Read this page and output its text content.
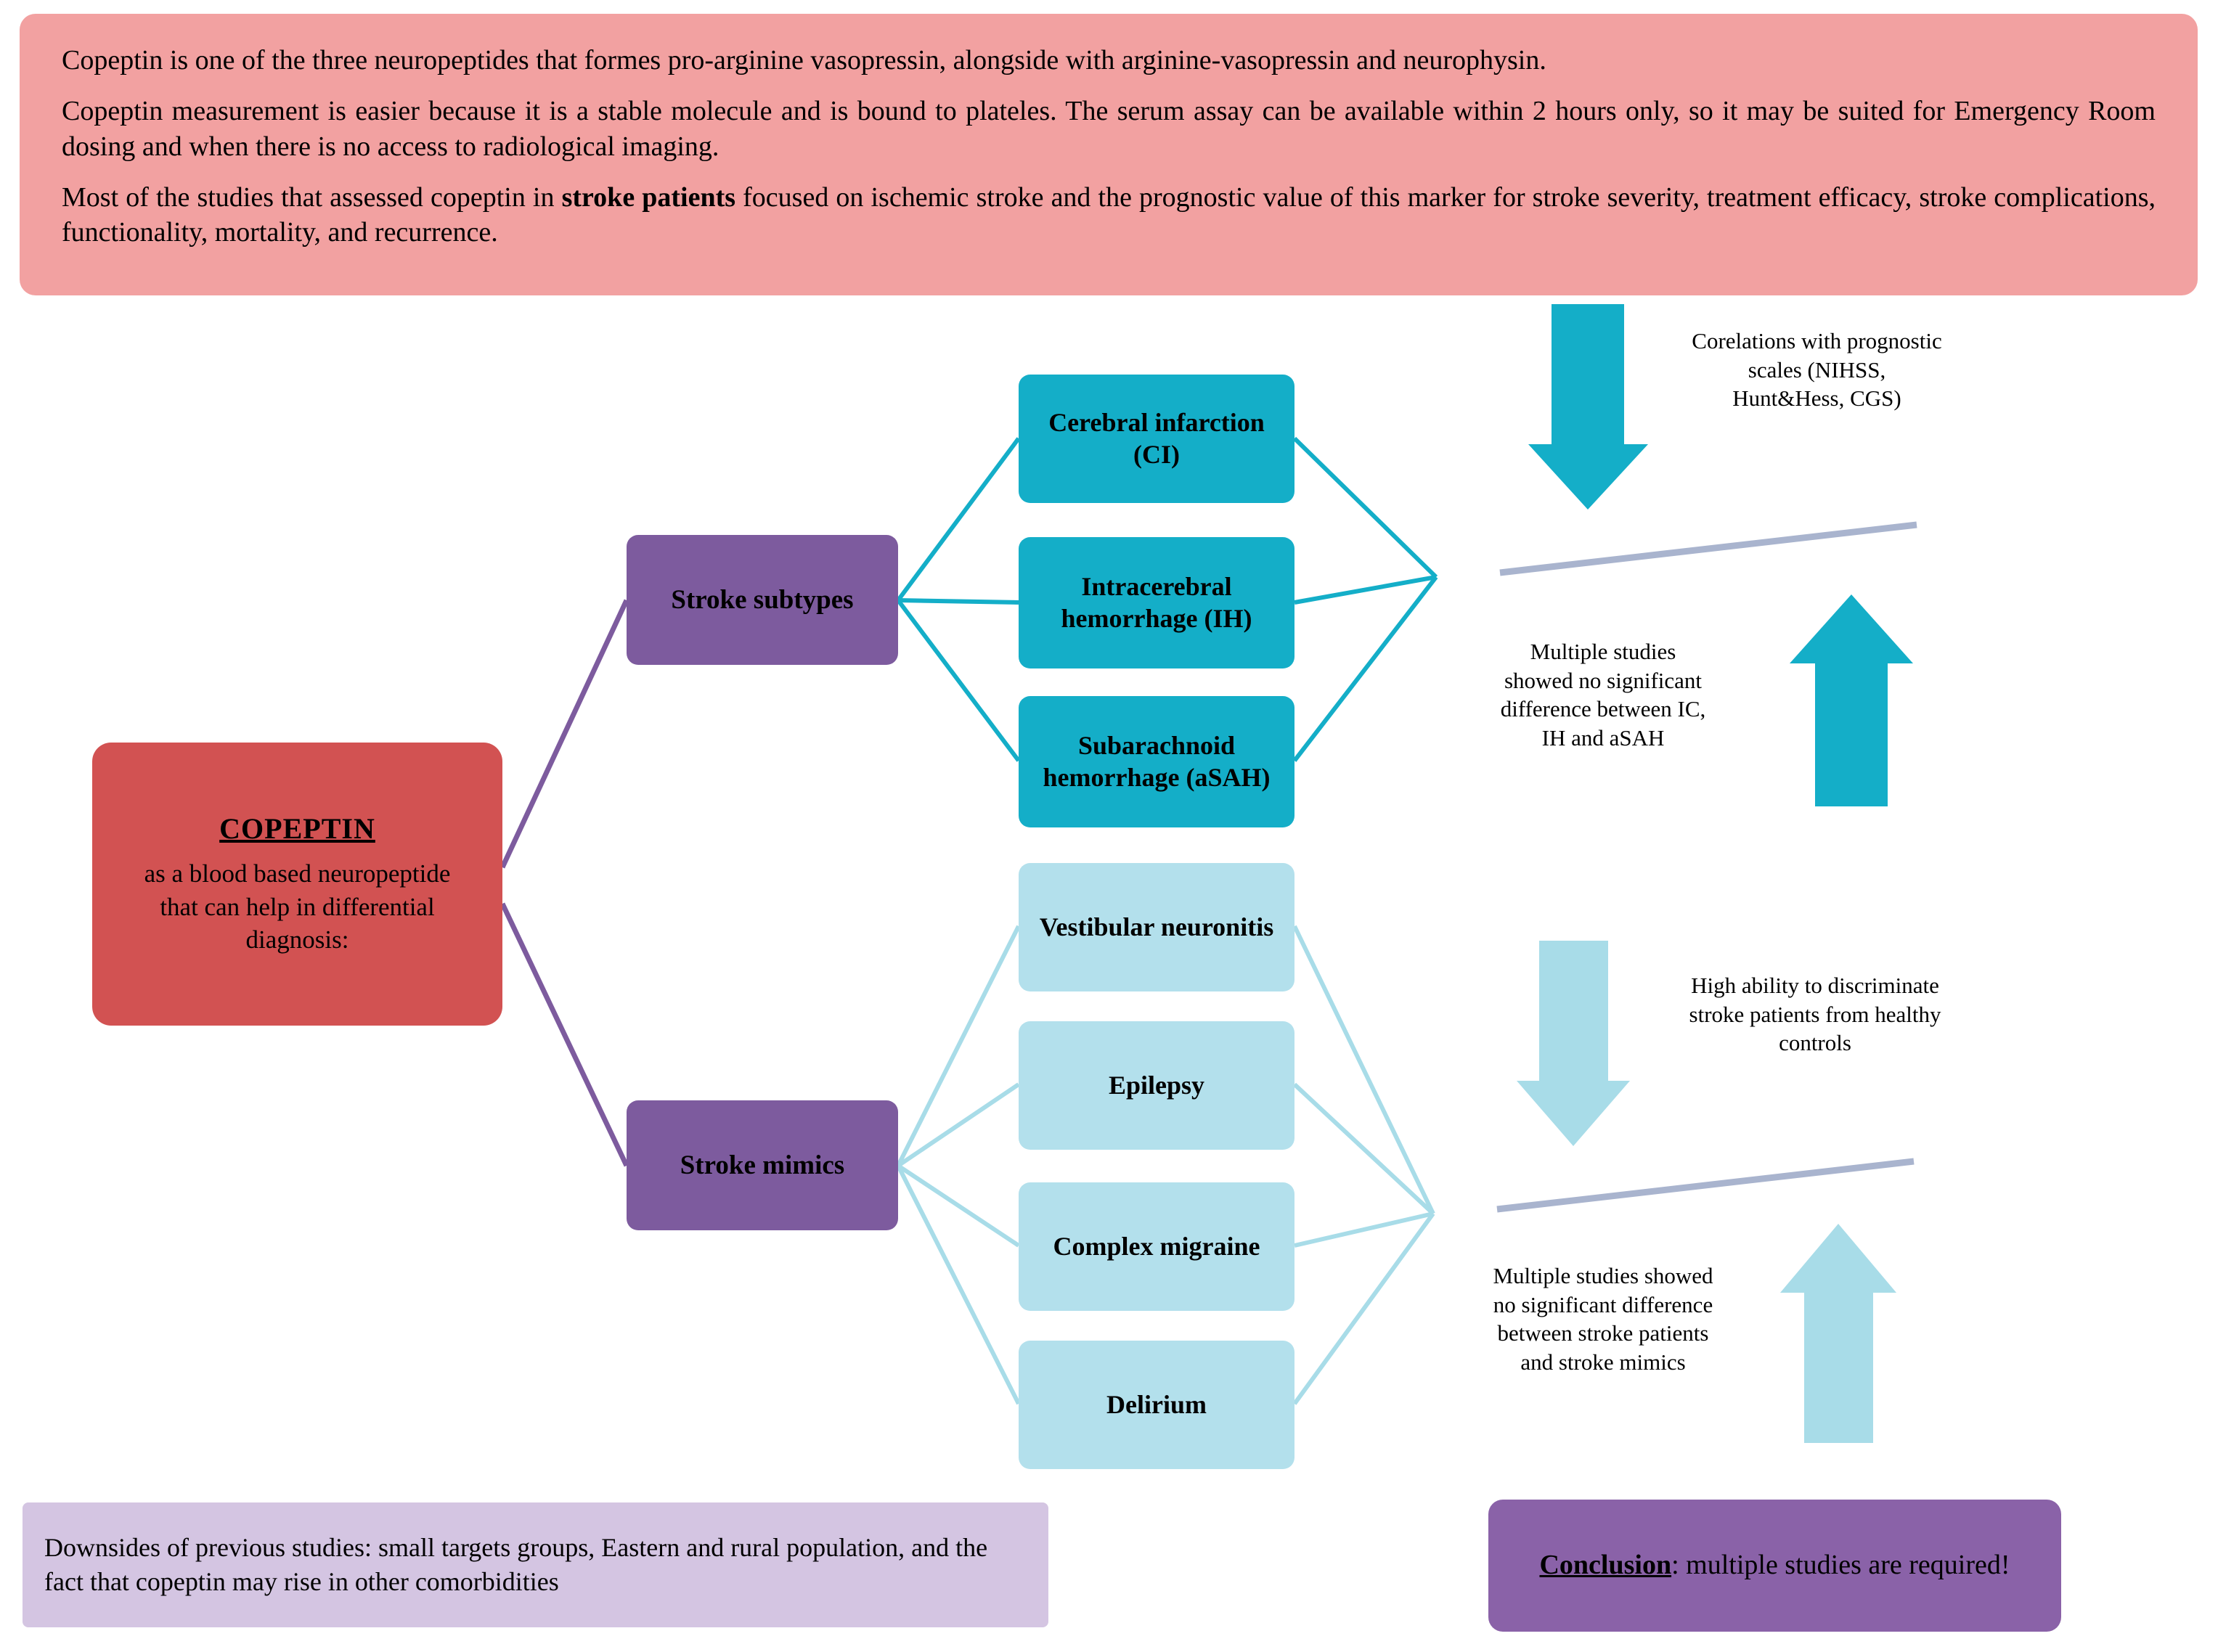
Copeptin is one of the three neuropeptides that formes pro-arginine vasopressin, alongside with arginine-vasopressin and neurophysin.

Copeptin measurement is easier because it is a stable molecule and is bound to plateles. The serum assay can be available within 2 hours only, so it may be suited for Emergency Room dosing and when there is no access to radiological imaging.

Most of the studies that assessed copeptin in stroke patients focused on ischemic stroke and the prognostic value of this marker for stroke severity, treatment efficacy, stroke complications, functionality, mortality, and recurrence.

COPEPTIN
as a blood based neuropeptide that can help in differential diagnosis:
Stroke subtypes
Stroke mimics
Cerebral infarction (CI)
Intracerebral hemorrhage (IH)
Subarachnoid hemorrhage (aSAH)
Vestibular neuronitis
Epilepsy
Complex migraine
Delirium
Corelations with prognostic scales (NIHSS, Hunt&Hess, CGS)
Multiple studies showed no significant difference between IC, IH and aSAH
High ability to discriminate stroke patients from healthy controls
Multiple studies showed no significant difference between stroke patients and stroke mimics
Downsides of previous studies: small targets groups, Eastern and rural population, and the fact that copeptin may rise in other comorbidities
Conclusion: multiple studies are required!
